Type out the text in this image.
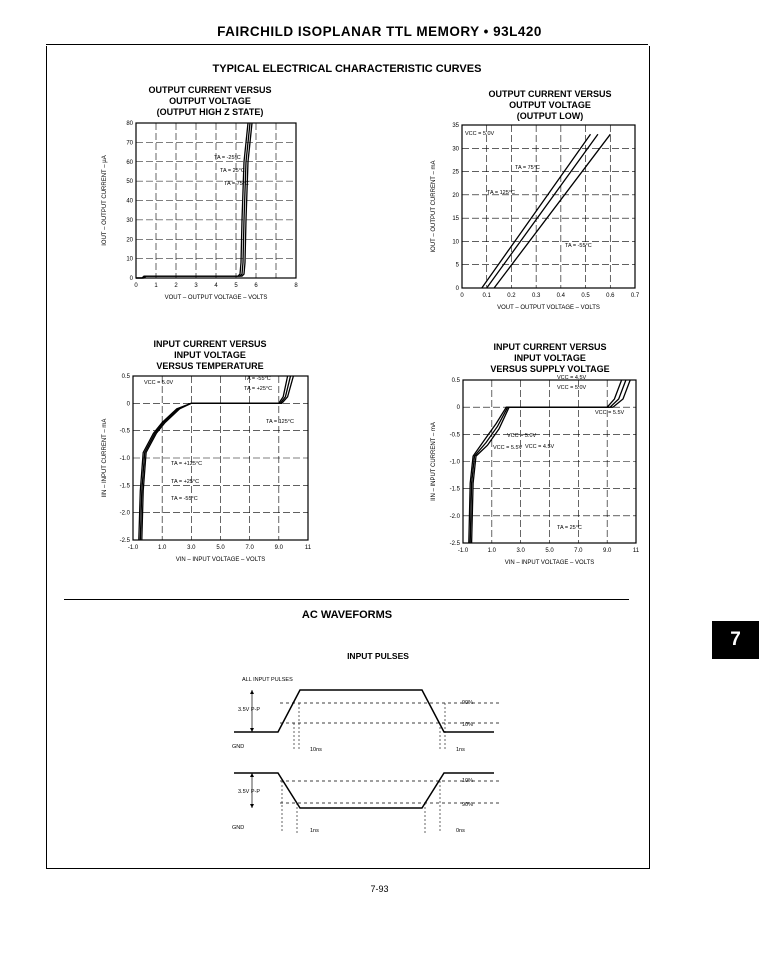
FAIRCHILD ISOPLANAR TTL MEMORY • 93L420
TYPICAL ELECTRICAL CHARACTERISTIC CURVES
OUTPUT CURRENT VERSUS
OUTPUT VOLTAGE
(OUTPUT HIGH Z STATE)
OUTPUT CURRENT VERSUS
OUTPUT VOLTAGE
(OUTPUT LOW)
INPUT CURRENT VERSUS
INPUT VOLTAGE
VERSUS TEMPERATURE
INPUT CURRENT VERSUS
INPUT VOLTAGE
VERSUS SUPPLY VOLTAGE
0	1	2	3	4	5	6	8
0
10
20
30
40
50
60
70
80
VOUT – OUTPUT VOLTAGE – VOLTS
IOUT – OUTPUT CURRENT – µA	TA = -25°C
TA = 25°C
TA = 75°C
0	0.1	0.2	0.3	0.4	0.5	0.6	0.7
0
5
10
15
20
25
30
35
VOUT – OUTPUT VOLTAGE – VOLTS
IOUT – OUTPUT CURRENT – mA
VCC = 5.0V
TA = 75°C
TA = 125°C
TA = -55°C
-1.0	1.0	3.0	5.0	7.0	9.0	11
0.5
0
-0.5
-1.0
-1.5
-2.0
-2.5
VIN – INPUT VOLTAGE – VOLTS
IIN – INPUT CURRENT – mA
VCC = 5.0V
TA = -55°C
TA = +25°C
TA = 125°C
TA = +125°C
TA = +25°C
TA = -55°C
-1.0	1.0	3.0	5.0	7.0	9.0	11
0.5
0
-0.5
-1.0
-1.5
-2.0
-2.5
VIN – INPUT VOLTAGE – VOLTS
IIN – INPUT CURRENT – mA	VCC = 4.5V
VCC = 5.0V
VCC = 5.5V
VCC = 4.5V
VCC = 5.0V
VCC = 5.5V
TA = 25°C
AC WAVEFORMS
7
INPUT PULSES
ALL INPUT PULSES
3.5V P-P
GND
90%
10%
10ns	1ns
3.5V P-P
GND
10%
90%
1ns	0ns
7-93
